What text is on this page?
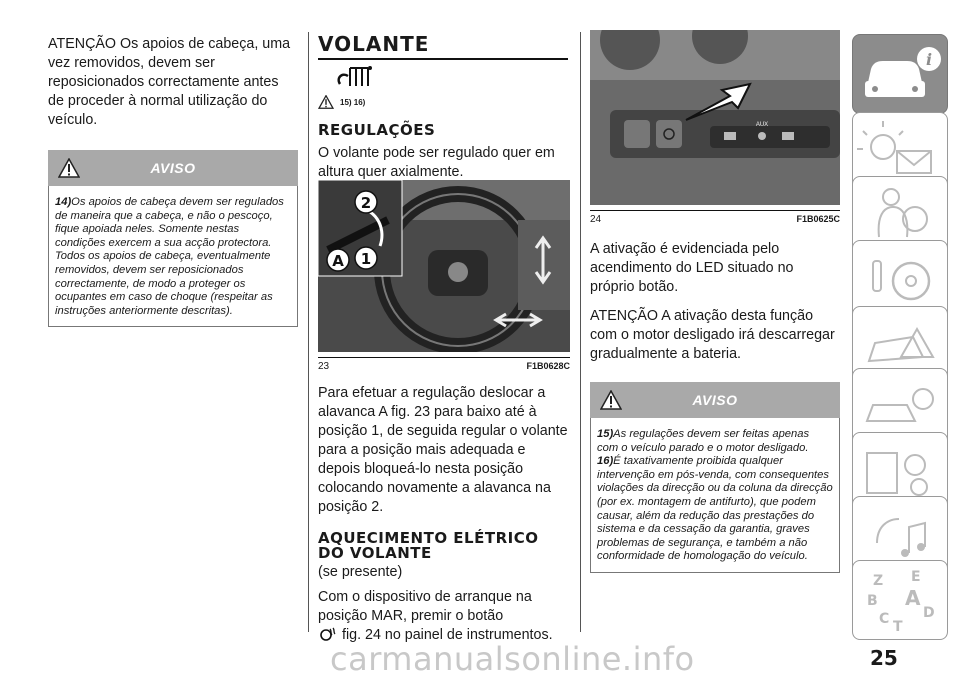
ATENÇÃO Os apoios de cabeça, uma vez removidos, devem ser reposicionados correctamente antes de proceder à normal utilização do veículo.

AVISO

14)Os apoios de cabeça devem ser regulados de maneira que a cabeça, e não o pescoço, fique apoiada neles. Somente nestas condições exercem a sua acção protectora. Todos os apoios de cabeça, eventualmente removidos, devem ser reposicionados correctamente, de modo a proteger os ocupantes em caso de choque (respeitar as instruções anteriormente descritas).

VOLANTE
15) 16)
REGULAÇÕES

O volante pode ser regulado quer em altura quer axialmente.

2
A 1
23	F1B0628C

Para efetuar a regulação deslocar a alavanca A fig. 23 para baixo até à posição 1, de seguida regular o volante para a posição mais adequada e depois bloqueá-lo nesta posição colocando novamente a alavanca na posição 2.

AQUECIMENTO ELÉTRICO DO VOLANTE

(se presente)

Com o dispositivo de arranque na posição MAR, premir o botão
fig. 24 no painel de instrumentos.

AUX
24	F1B0625C

A ativação é evidenciada pelo acendimento do LED situado no próprio botão.

ATENÇÃO A ativação desta função com o motor desligado irá descarregar gradualmente a bateria.

AVISO

15)As regulações devem ser feitas apenas com o veículo parado e o motor desligado.

16)É taxativamente proibida qualquer intervenção em pós-venda, com consequentes violações da direcção ou da coluna da direcção (por ex. montagem de antifurto), que podem causar, além da redução das prestações do sistema e da cessação da garantia, graves problemas de segurança, e também a não conformidade de homologação do veículo.

i
Z E
B A
C T
D
25
carmanualsonline.info
